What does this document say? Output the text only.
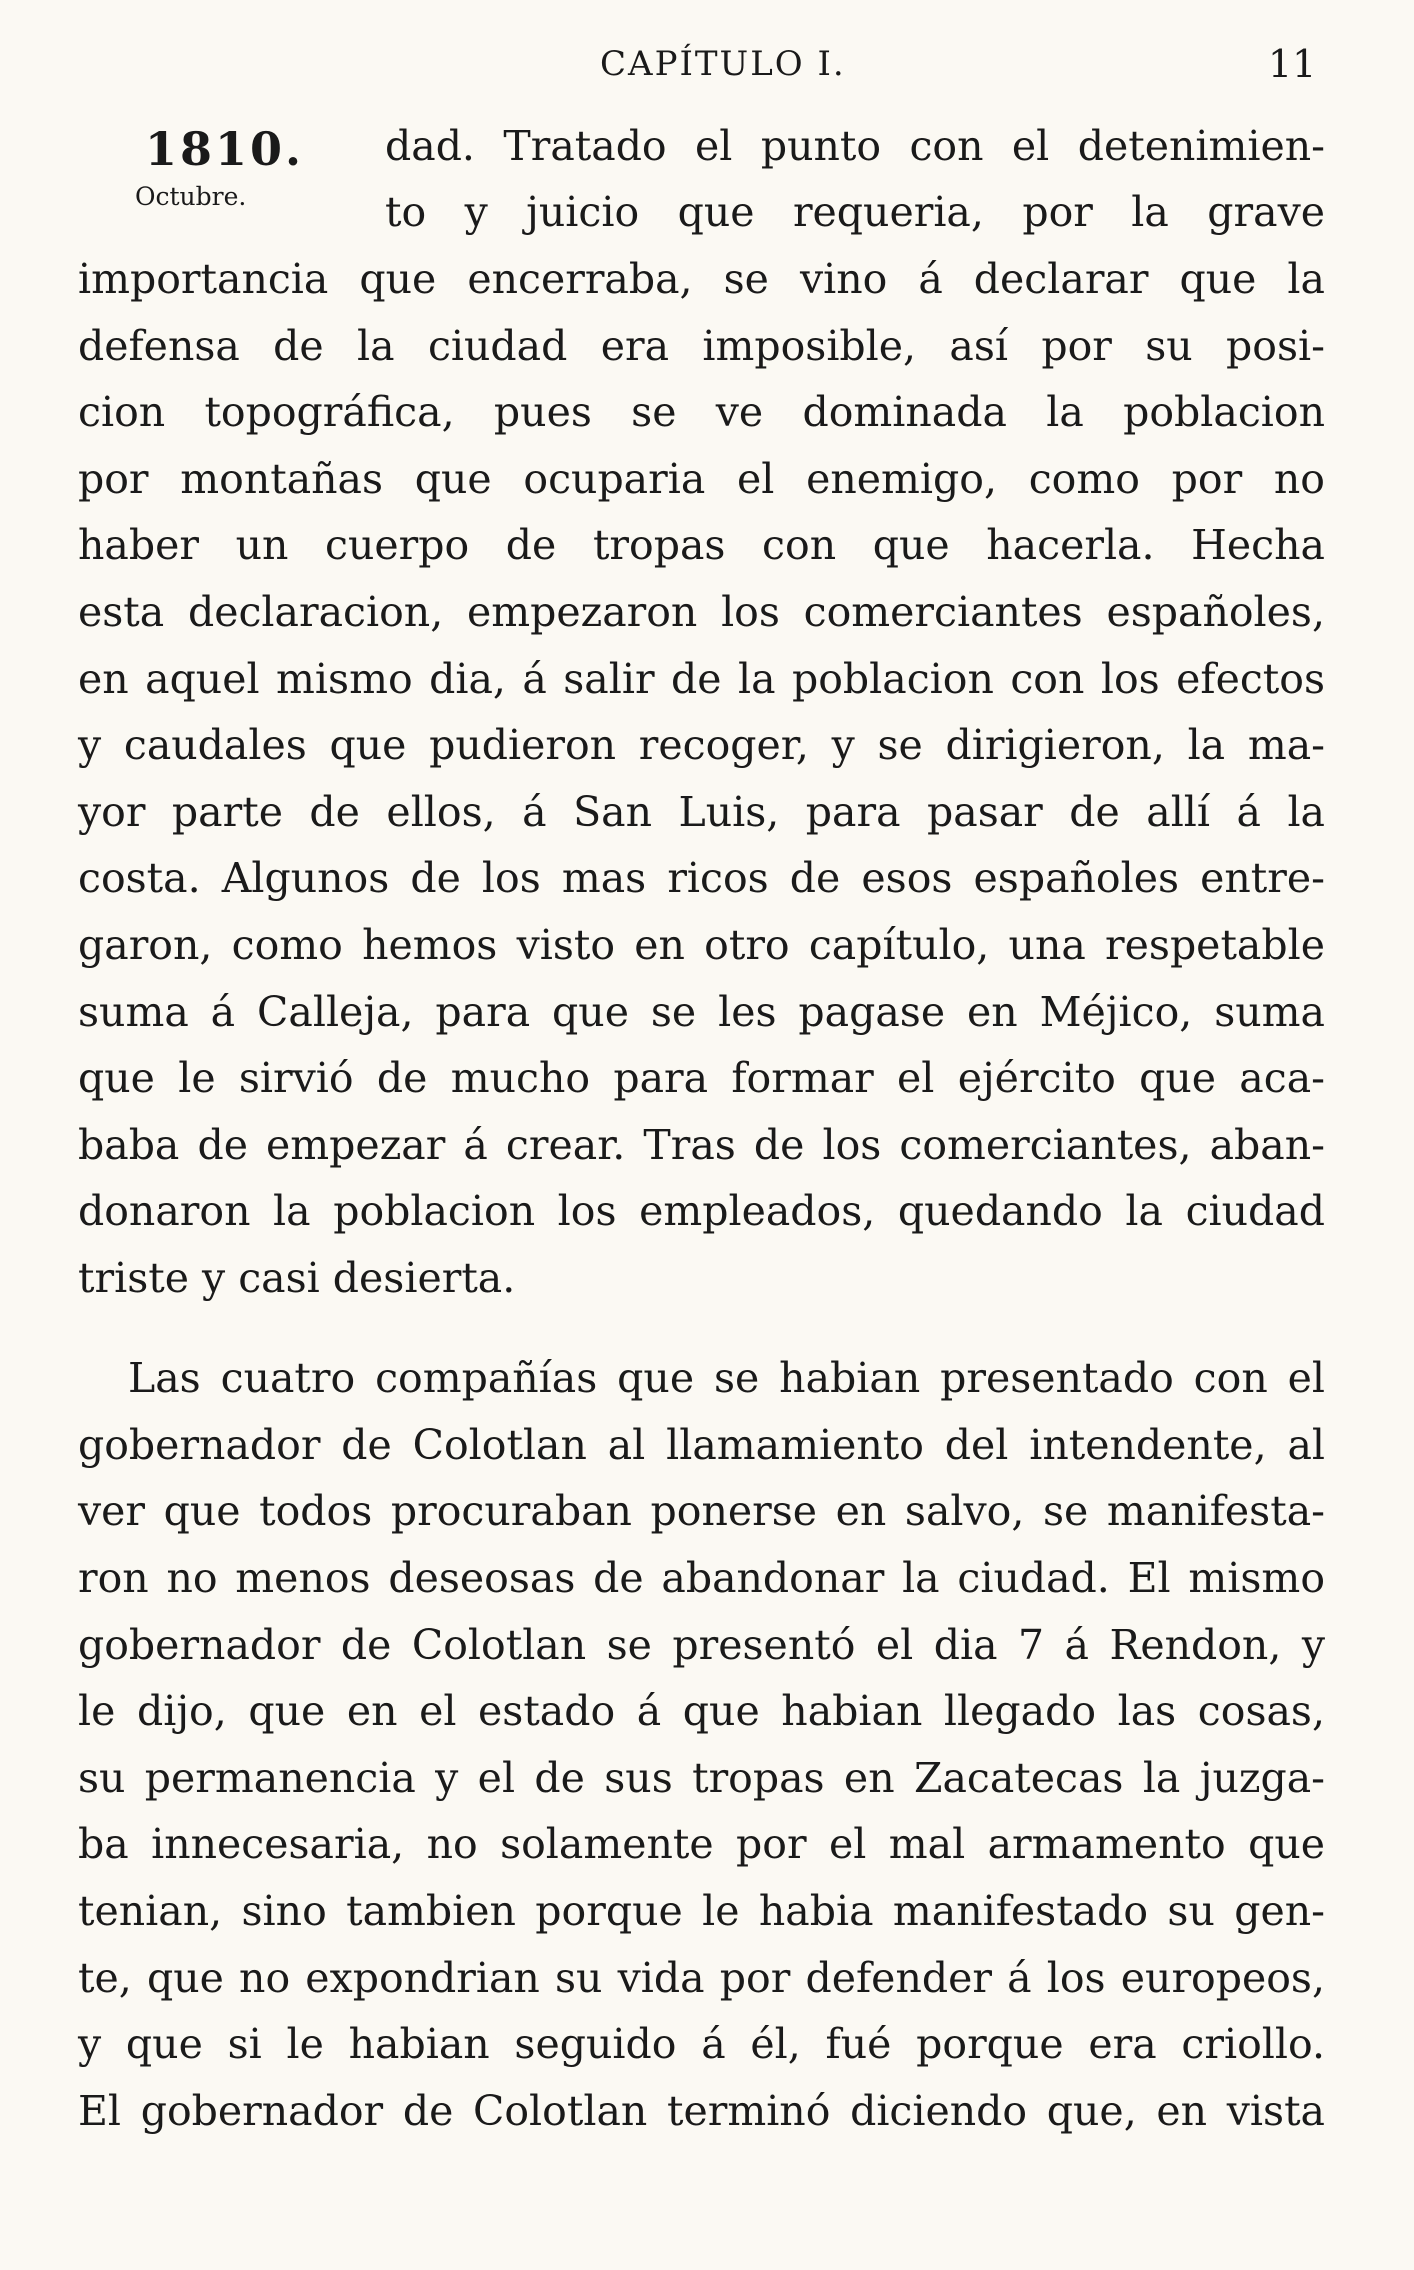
CAPÍTULO I.	11
1810.
Octubre.
dad. Tratado el punto con el detenimien-
to y juicio que requeria, por la grave
importancia que encerraba, se vino á declarar que la
defensa de la ciudad era imposible, así por su posi-
cion topográfica, pues se ve dominada la poblacion
por montañas que ocuparia el enemigo, como por no
haber un cuerpo de tropas con que hacerla. Hecha
esta declaracion, empezaron los comerciantes españoles,
en aquel mismo dia, á salir de la poblacion con los efectos
y caudales que pudieron recoger, y se dirigieron, la ma-
yor parte de ellos, á San Luis, para pasar de allí á la
costa. Algunos de los mas ricos de esos españoles entre-
garon, como hemos visto en otro capítulo, una respetable
suma á Calleja, para que se les pagase en Méjico, suma
que le sirvió de mucho para formar el ejército que aca-
baba de empezar á crear. Tras de los comerciantes, aban-
donaron la poblacion los empleados, quedando la ciudad
triste y casi desierta.
Las cuatro compañías que se habian presentado con el
gobernador de Colotlan al llamamiento del intendente, al
ver que todos procuraban ponerse en salvo, se manifesta-
ron no menos deseosas de abandonar la ciudad. El mismo
gobernador de Colotlan se presentó el dia 7 á Rendon, y
le dijo, que en el estado á que habian llegado las cosas,
su permanencia y el de sus tropas en Zacatecas la juzga-
ba innecesaria, no solamente por el mal armamento que
tenian, sino tambien porque le habia manifestado su gen-
te, que no expondrian su vida por defender á los europeos,
y que si le habian seguido á él, fué porque era criollo.
El gobernador de Colotlan terminó diciendo que, en vista
